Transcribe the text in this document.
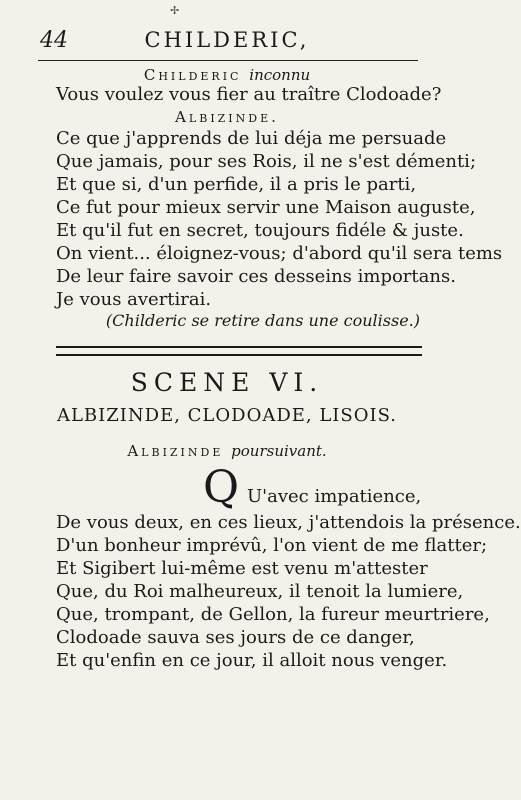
✢
44	CHILDERIC,
Childeric inconnu
Vous voulez vous fier au traître Clodoade?
Albizinde.
Ce que j'apprends de lui déja me persuade
Que jamais, pour ses Rois, il ne s'est démenti;
Et que si, d'un perfide, il a pris le parti,
Ce fut pour mieux servir une Maison auguste,
Et qu'il fut en secret, toujours fidéle & juste.
On vient... éloignez-vous; d'abord qu'il sera tems
De leur faire savoir ces desseins importans.
Je vous avertirai.
(Childeric se retire dans une coulisse.)
SCENE VI.
ALBIZINDE, CLODOADE, LISOIS.
Albizinde poursuivant.
Q U'avec impatience,
De vous deux, en ces lieux, j'attendois la présence.
D'un bonheur imprévû, l'on vient de me flatter;
Et Sigibert lui-même est venu m'attester
Que, du Roi malheureux, il tenoit la lumiere,
Que, trompant, de Gellon, la fureur meurtriere,
Clodoade sauva ses jours de ce danger,
Et qu'enfin en ce jour, il alloit nous venger.
